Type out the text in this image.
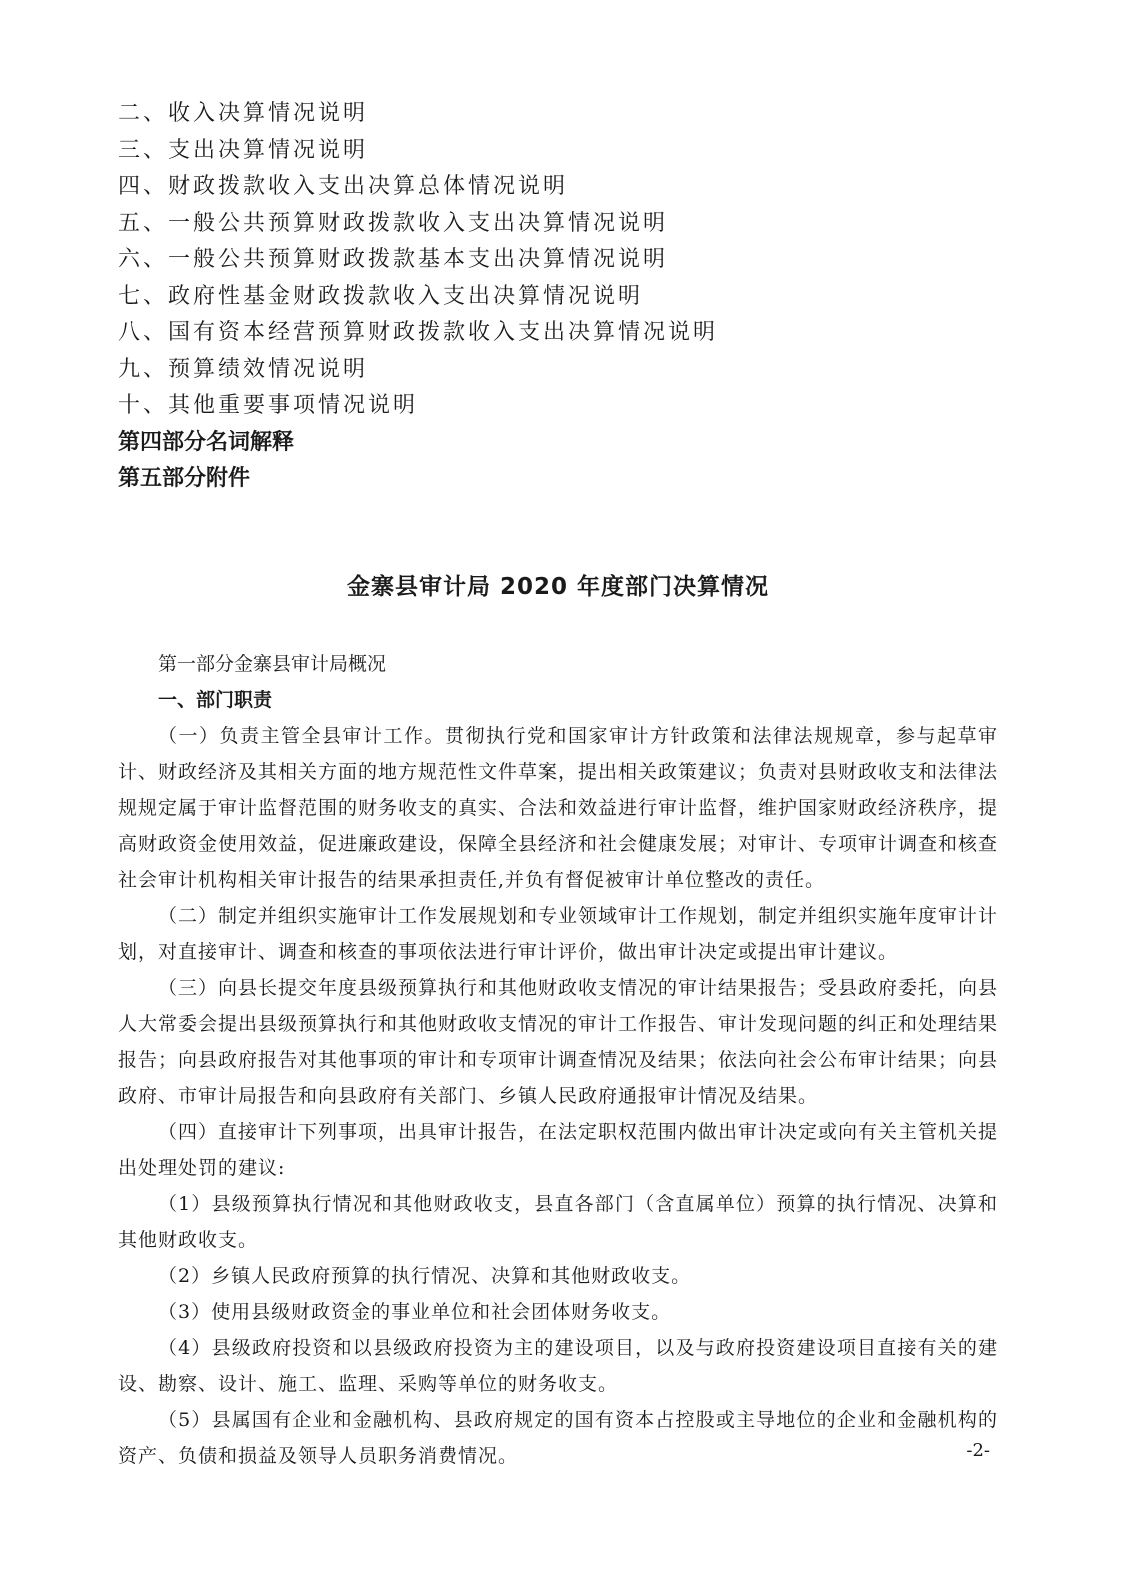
二、收入决算情况说明
三、支出决算情况说明
四、财政拨款收入支出决算总体情况说明
五、一般公共预算财政拨款收入支出决算情况说明
六、一般公共预算财政拨款基本支出决算情况说明
七、政府性基金财政拨款收入支出决算情况说明
八、国有资本经营预算财政拨款收入支出决算情况说明
九、预算绩效情况说明
十、其他重要事项情况说明
第四部分名词解释
第五部分附件
金寨县审计局 2020 年度部门决算情况
第一部分金寨县审计局概况
一、部门职责

（一）负责主管全县审计工作。贯彻执行党和国家审计方针政策和法律法规规章，参与起草审计、财政经济及其相关方面的地方规范性文件草案，提出相关政策建议；负责对县财政收支和法律法规规定属于审计监督范围的财务收支的真实、合法和效益进行审计监督，维护国家财政经济秩序，提高财政资金使用效益，促进廉政建设，保障全县经济和社会健康发展；对审计、专项审计调查和核查社会审计机构相关审计报告的结果承担责任,并负有督促被审计单位整改的责任。

（二）制定并组织实施审计工作发展规划和专业领域审计工作规划，制定并组织实施年度审计计划，对直接审计、调查和核查的事项依法进行审计评价，做出审计决定或提出审计建议。

（三）向县长提交年度县级预算执行和其他财政收支情况的审计结果报告；受县政府委托，向县人大常委会提出县级预算执行和其他财政收支情况的审计工作报告、审计发现问题的纠正和处理结果报告；向县政府报告对其他事项的审计和专项审计调查情况及结果；依法向社会公布审计结果；向县政府、市审计局报告和向县政府有关部门、乡镇人民政府通报审计情况及结果。

（四）直接审计下列事项，出具审计报告，在法定职权范围内做出审计决定或向有关主管机关提出处理处罚的建议:

（1）县级预算执行情况和其他财政收支，县直各部门（含直属单位）预算的执行情况、决算和其他财政收支。

（2）乡镇人民政府预算的执行情况、决算和其他财政收支。

（3）使用县级财政资金的事业单位和社会团体财务收支。

（4）县级政府投资和以县级政府投资为主的建设项目，以及与政府投资建设项目直接有关的建设、勘察、设计、施工、监理、采购等单位的财务收支。

（5）县属国有企业和金融机构、县政府规定的国有资本占控股或主导地位的企业和金融机构的资产、负债和损益及领导人员职务消费情况。	-2-
